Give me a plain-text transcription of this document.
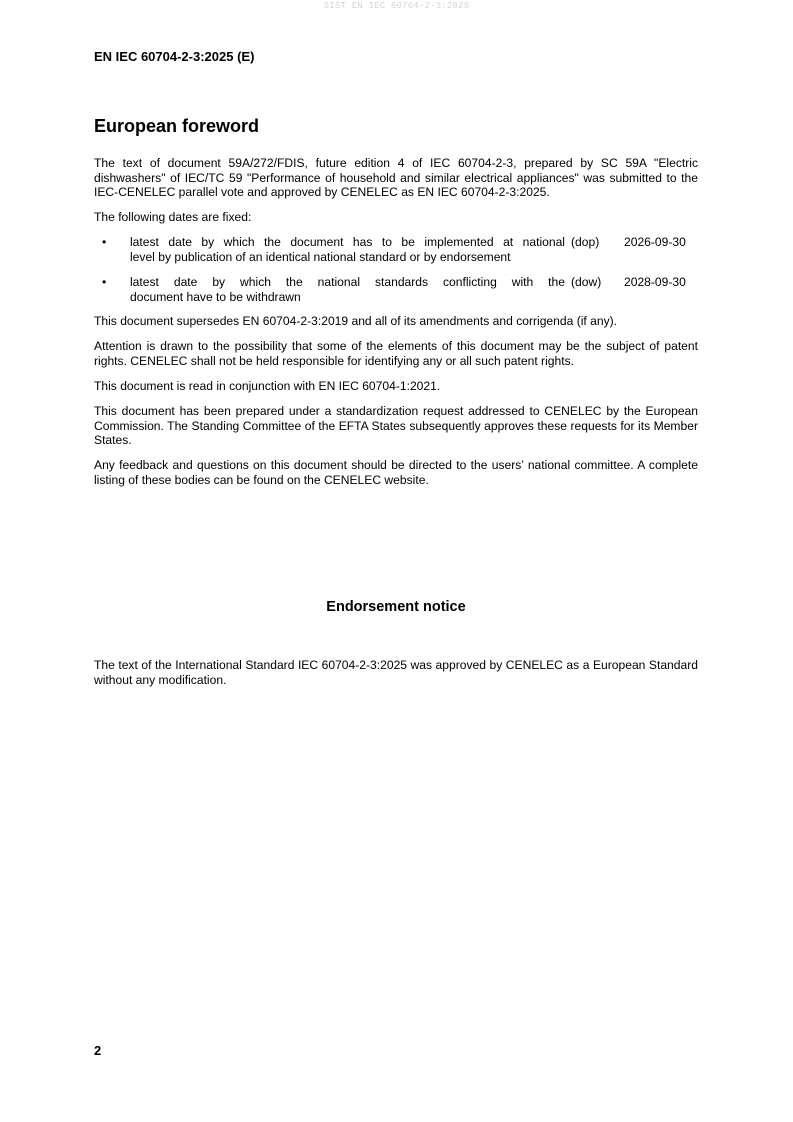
SIST EN IEC 60704-2-3:2025
EN IEC 60704-2-3:2025 (E)
European foreword

The text of document 59A/272/FDIS, future edition 4 of IEC 60704-2-3, prepared by SC 59A "Electric dishwashers" of IEC/TC 59 "Performance of household and similar electrical appliances" was submitted to the IEC-CENELEC parallel vote and approved by CENELEC as EN IEC 60704-2-3:2025.

The following dates are fixed:

•	latest date by which the document has to be implemented at national
level by publication of an identical national standard or by endorsement
(dop)	2026-09-30
•	latest date by which the national standards conflicting with the
document have to be withdrawn
(dow)	2028-09-30

This document supersedes EN 60704-2-3:2019 and all of its amendments and corrigenda (if any).

Attention is drawn to the possibility that some of the elements of this document may be the subject of patent rights. CENELEC shall not be held responsible for identifying any or all such patent rights.

This document is read in conjunction with EN IEC 60704-1:2021.

This document has been prepared under a standardization request addressed to CENELEC by the European Commission. The Standing Committee of the EFTA States subsequently approves these requests for its Member States.

Any feedback and questions on this document should be directed to the users’ national committee. A complete listing of these bodies can be found on the CENELEC website.

Endorsement notice

The text of the International Standard IEC 60704-2-3:2025 was approved by CENELEC as a European Standard without any modification.

2
